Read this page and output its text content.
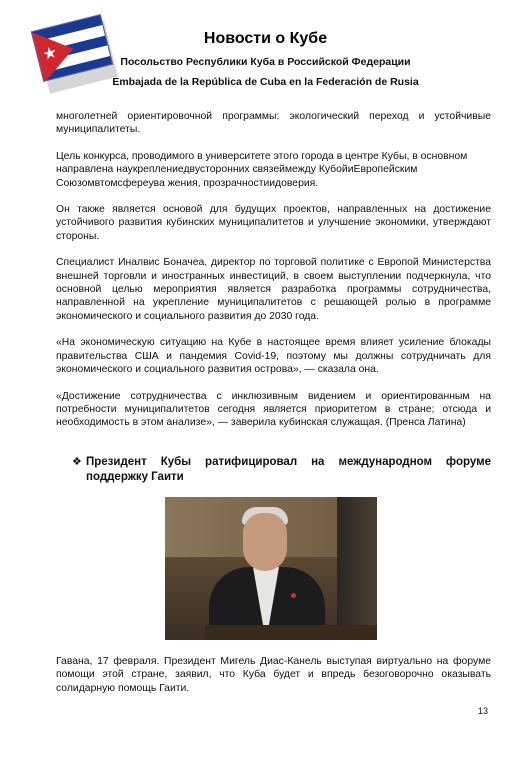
★
Новости о Кубе
Посольство Республики Куба в Российской Федерации
Embajada de la República de Cuba en la Federación de Rusia

многолетней ориентировочной программы: экологический переход и устойчивые муниципалитеты.

Цель конкурса, проводимого в университете этого города в центре Кубы, в основном направлена наукреплениедвусторонних связеймежду КубойиЕвропейским Союзомвтомсфереува жения, прозрачностиидоверия.

Он также является основой для будущих проектов, направленных на достижение устойчивого развития кубинских муниципалитетов и улучшение экономики, утверждают стороны.

Специалист Иналвис Боначеа, директор по торговой политике с Европой Министерства внешней торговли и иностранных инвестиций, в своем выступлении подчеркнула, что основной целью мероприятия является разработка программы сотрудничества, направленной на укрепление муниципалитетов с решающей ролью в программе экономического и социального развития до 2030 года.

«На экономическую ситуацию на Кубе в настоящее время влияет усиление блокады правительства США и пандемия Covid-19, поэтому мы должны сотрудничать для экономического и социального развития острова», — сказала она.

«Достижение сотрудничества с инклюзивным видением и ориентированным на потребности муниципалитетов сегодня является приоритетом в стране; отсюда и необходимость в этом анализе», — заверила кубинская служащая. (Пренса Латина)

❖ Президент Кубы ратифицировал на международном форуме поддержку Гаити

Гавана, 17 февраля. Президент Мигель Диас-Канель выступая виртуально на форуме помощи этой стране, заявил, что Куба будет и впредь безоговорочно оказывать солидарную помощь Гаити.

13
